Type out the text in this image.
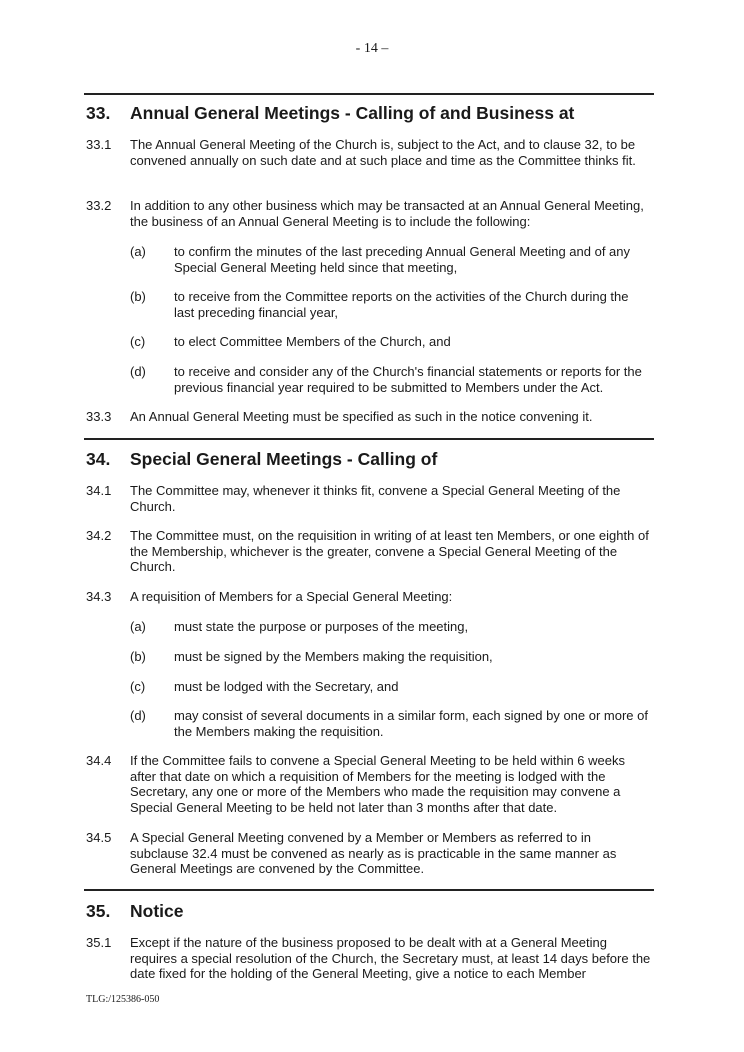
- 14 –
33. Annual General Meetings - Calling of and Business at
33.1 The Annual General Meeting of the Church is, subject to the Act, and to clause 32, to be convened annually on such date and at such place and time as the Committee thinks fit.
33.2 In addition to any other business which may be transacted at an Annual General Meeting, the business of an Annual General Meeting is to include the following:
(a) to confirm the minutes of the last preceding Annual General Meeting and of any Special General Meeting held since that meeting,
(b) to receive from the Committee reports on the activities of the Church during the last preceding financial year,
(c) to elect Committee Members of the Church, and
(d) to receive and consider any of the Church's financial statements or reports for the previous financial year required to be submitted to Members under the Act.
33.3 An Annual General Meeting must be specified as such in the notice convening it.
34. Special General Meetings - Calling of
34.1 The Committee may, whenever it thinks fit, convene a Special General Meeting of the Church.
34.2 The Committee must, on the requisition in writing of at least ten Members, or one eighth of the Membership, whichever is the greater, convene a Special General Meeting of the Church.
34.3 A requisition of Members for a Special General Meeting:
(a) must state the purpose or purposes of the meeting,
(b) must be signed by the Members making the requisition,
(c) must be lodged with the Secretary, and
(d) may consist of several documents in a similar form, each signed by one or more of the Members making the requisition.
34.4 If the Committee fails to convene a Special General Meeting to be held within 6 weeks after that date on which a requisition of Members for the meeting is lodged with the Secretary, any one or more of the Members who made the requisition may convene a Special General Meeting to be held not later than 3 months after that date.
34.5 A Special General Meeting convened by a Member or Members as referred to in subclause 32.4 must be convened as nearly as is practicable in the same manner as General Meetings are convened by the Committee.
35. Notice
35.1 Except if the nature of the business proposed to be dealt with at a General Meeting requires a special resolution of the Church, the Secretary must, at least 14 days before the date fixed for the holding of the General Meeting, give a notice to each Member
TLG:/125386-050
